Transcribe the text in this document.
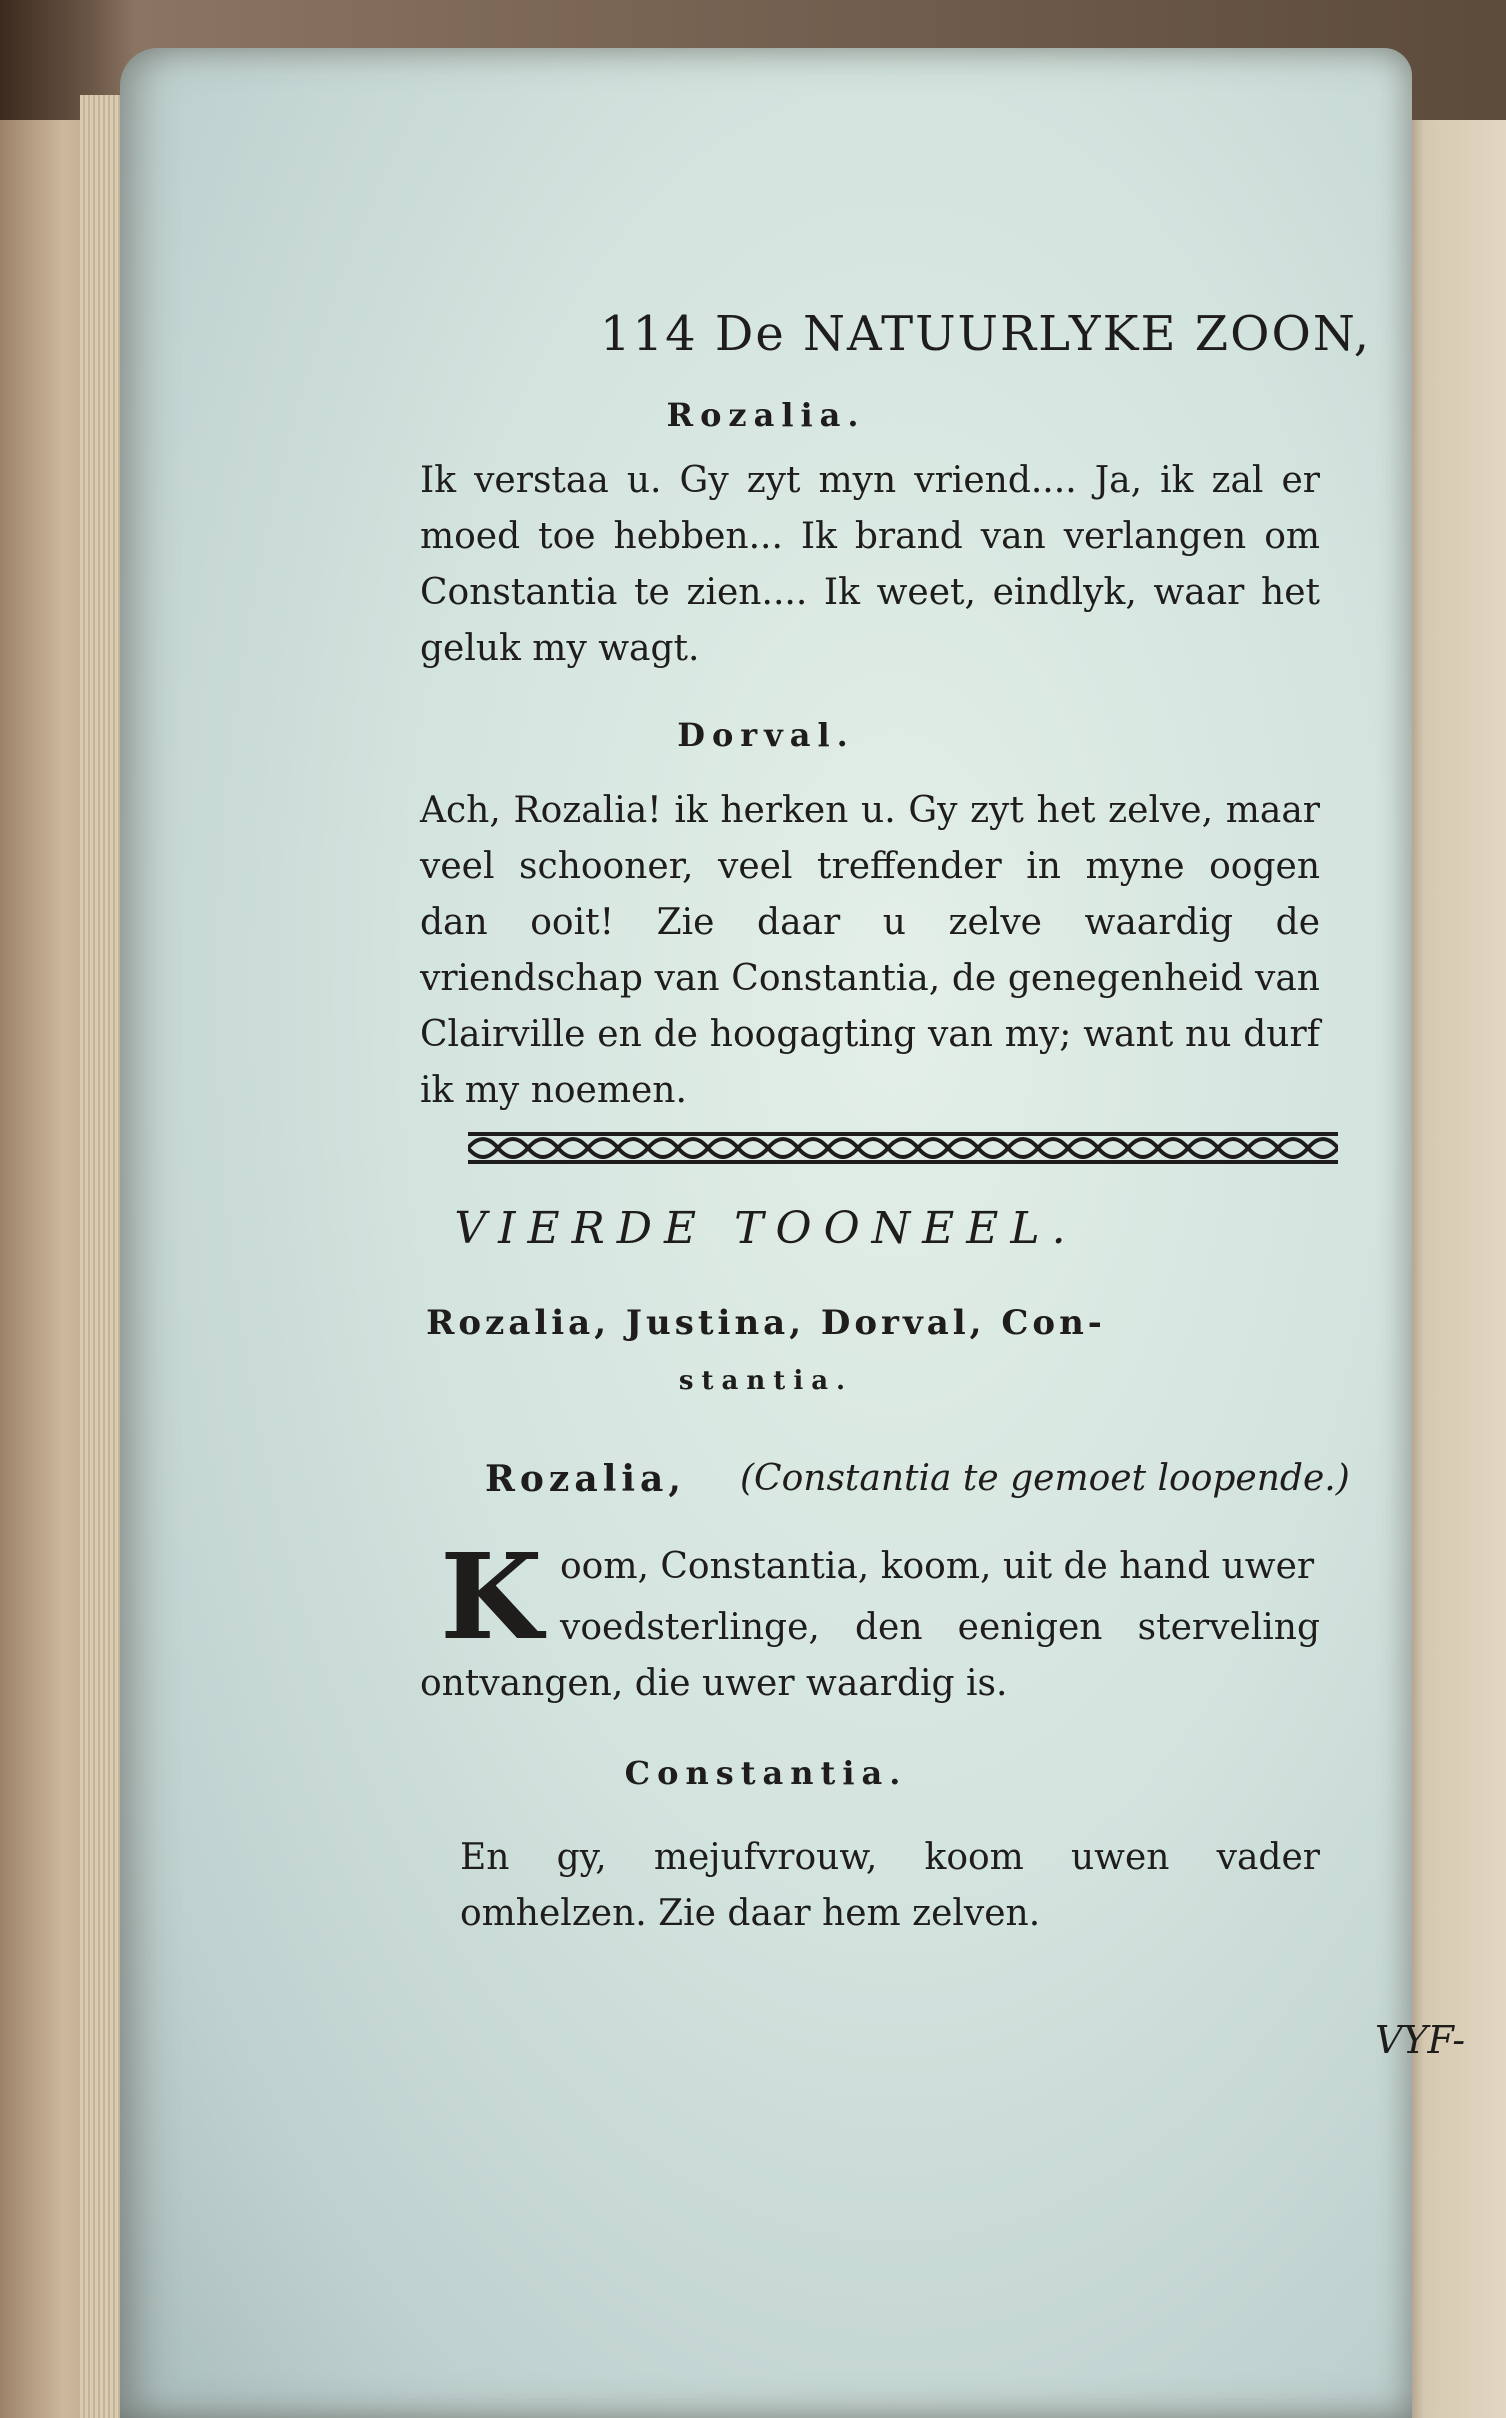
114 De NATUURLYKE ZOON,
Rozalia.
Ik verstaa u. Gy zyt myn vriend.... Ja, ik zal er moed toe hebben... Ik brand van verlangen om Constantia te zien.... Ik weet, eindlyk, waar het geluk my wagt.
Dorval.
Ach, Rozalia! ik herken u. Gy zyt het zelve, maar veel schooner, veel treffender in myne oogen dan ooit! Zie daar u zelve waardig de vriendschap van Constantia, de genegenheid van Clairville en de hoogagting van my; want nu durf ik my noemen.
VIERDE TOONEEL.
Rozalia, Justina, Dorval, Con-
stantia.
Rozalia, (Constantia te gemoet loopende.)
K oom, Constantia, koom, uit de hand uwer
voedsterlinge, den eenigen sterveling ontvangen, die uwer waardig is.
Constantia.
En gy, mejufvrouw, koom uwen vader omhelzen. Zie daar hem zelven.
VYF-
